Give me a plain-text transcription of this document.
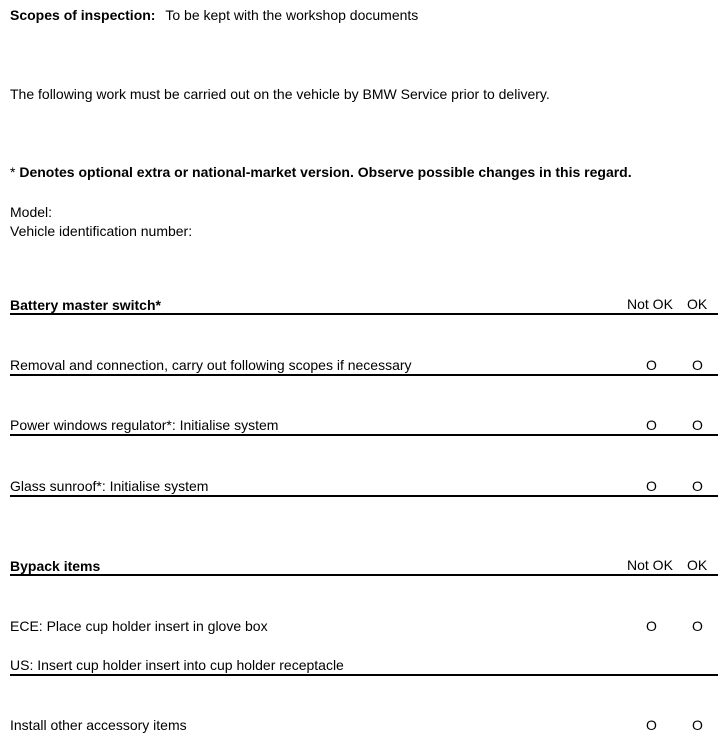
Scopes of inspection: To be kept with the workshop documents
The following work must be carried out on the vehicle by BMW Service prior to delivery.
* Denotes optional extra or national-market version. Observe possible changes in this regard.
Model:
Vehicle identification number:
Battery master switch*	Not OK OK
Removal and connection, carry out following scopes if necessary	O	O
Power windows regulator*: Initialise system	O	O
Glass sunroof*: Initialise system	O	O
Bypack items	Not OK OK
ECE: Place cup holder insert in glove box	O	O
US: Insert cup holder insert into cup holder receptacle
Install other accessory items	O	O
